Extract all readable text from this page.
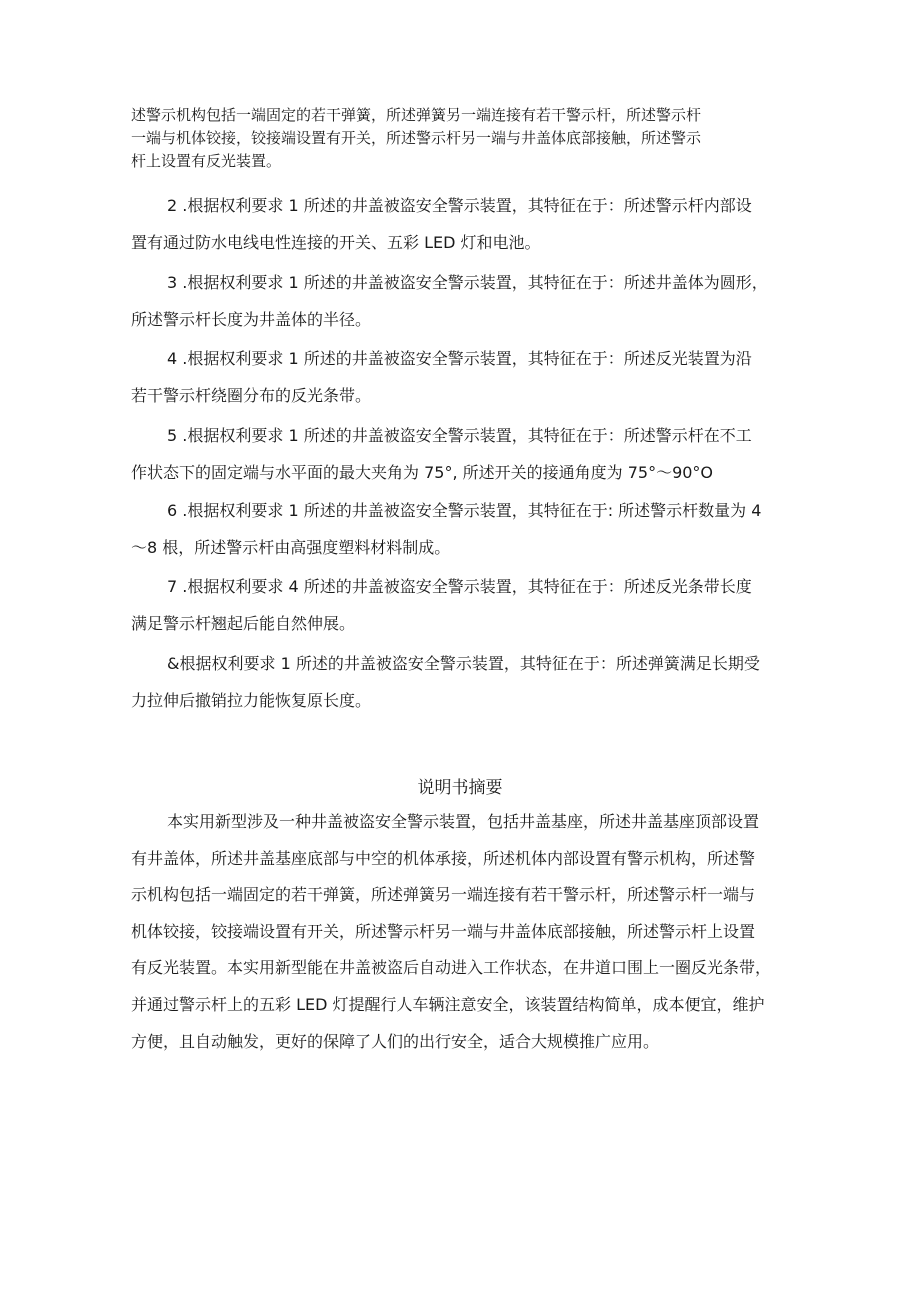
述警示机构包括一端固定的若干弹簧，所述弹簧另一端连接有若干警示杆，所述警示杆

一端与机体铰接，铰接端设置有开关，所述警示杆另一端与井盖体底部接触，所述警示

杆上设置有反光装置。

2 .根据权利要求 1 所述的井盖被盗安全警示装置，其特征在于：所述警示杆内部设

置有通过防水电线电性连接的开关、五彩 LED 灯和电池。

3 .根据权利要求 1 所述的井盖被盗安全警示装置，其特征在于：所述井盖体为圆形，

所述警示杆长度为井盖体的半径。

4 .根据权利要求 1 所述的井盖被盗安全警示装置，其特征在于：所述反光装置为沿

若干警示杆绕圈分布的反光条带。

5 .根据权利要求 1 所述的井盖被盗安全警示装置，其特征在于：所述警示杆在不工

作状态下的固定端与水平面的最大夹角为 75°, 所述开关的接通角度为 75°～90°O

6 .根据权利要求 1 所述的井盖被盗安全警示装置，其特征在于: 所述警示杆数量为 4

～8 根，所述警示杆由高强度塑料材料制成。

7 .根据权利要求 4 所述的井盖被盗安全警示装置，其特征在于：所述反光条带长度

满足警示杆翘起后能自然伸展。

&根据权利要求 1 所述的井盖被盗安全警示装置，其特征在于：所述弹簧满足长期受

力拉伸后撤销拉力能恢复原长度。

说明书摘要

本实用新型涉及一种井盖被盗安全警示装置，包括井盖基座，所述井盖基座顶部设置

有井盖体，所述井盖基座底部与中空的机体承接，所述机体内部设置有警示机构，所述警

示机构包括一端固定的若干弹簧，所述弹簧另一端连接有若干警示杆，所述警示杆一端与

机体铰接，铰接端设置有开关，所述警示杆另一端与井盖体底部接触，所述警示杆上设置

有反光装置。本实用新型能在井盖被盗后自动进入工作状态，在井道口围上一圈反光条带，

并通过警示杆上的五彩 LED 灯提醒行人车辆注意安全，该装置结构简单，成本便宜，维护

方便，且自动触发，更好的保障了人们的出行安全，适合大规模推广应用。
